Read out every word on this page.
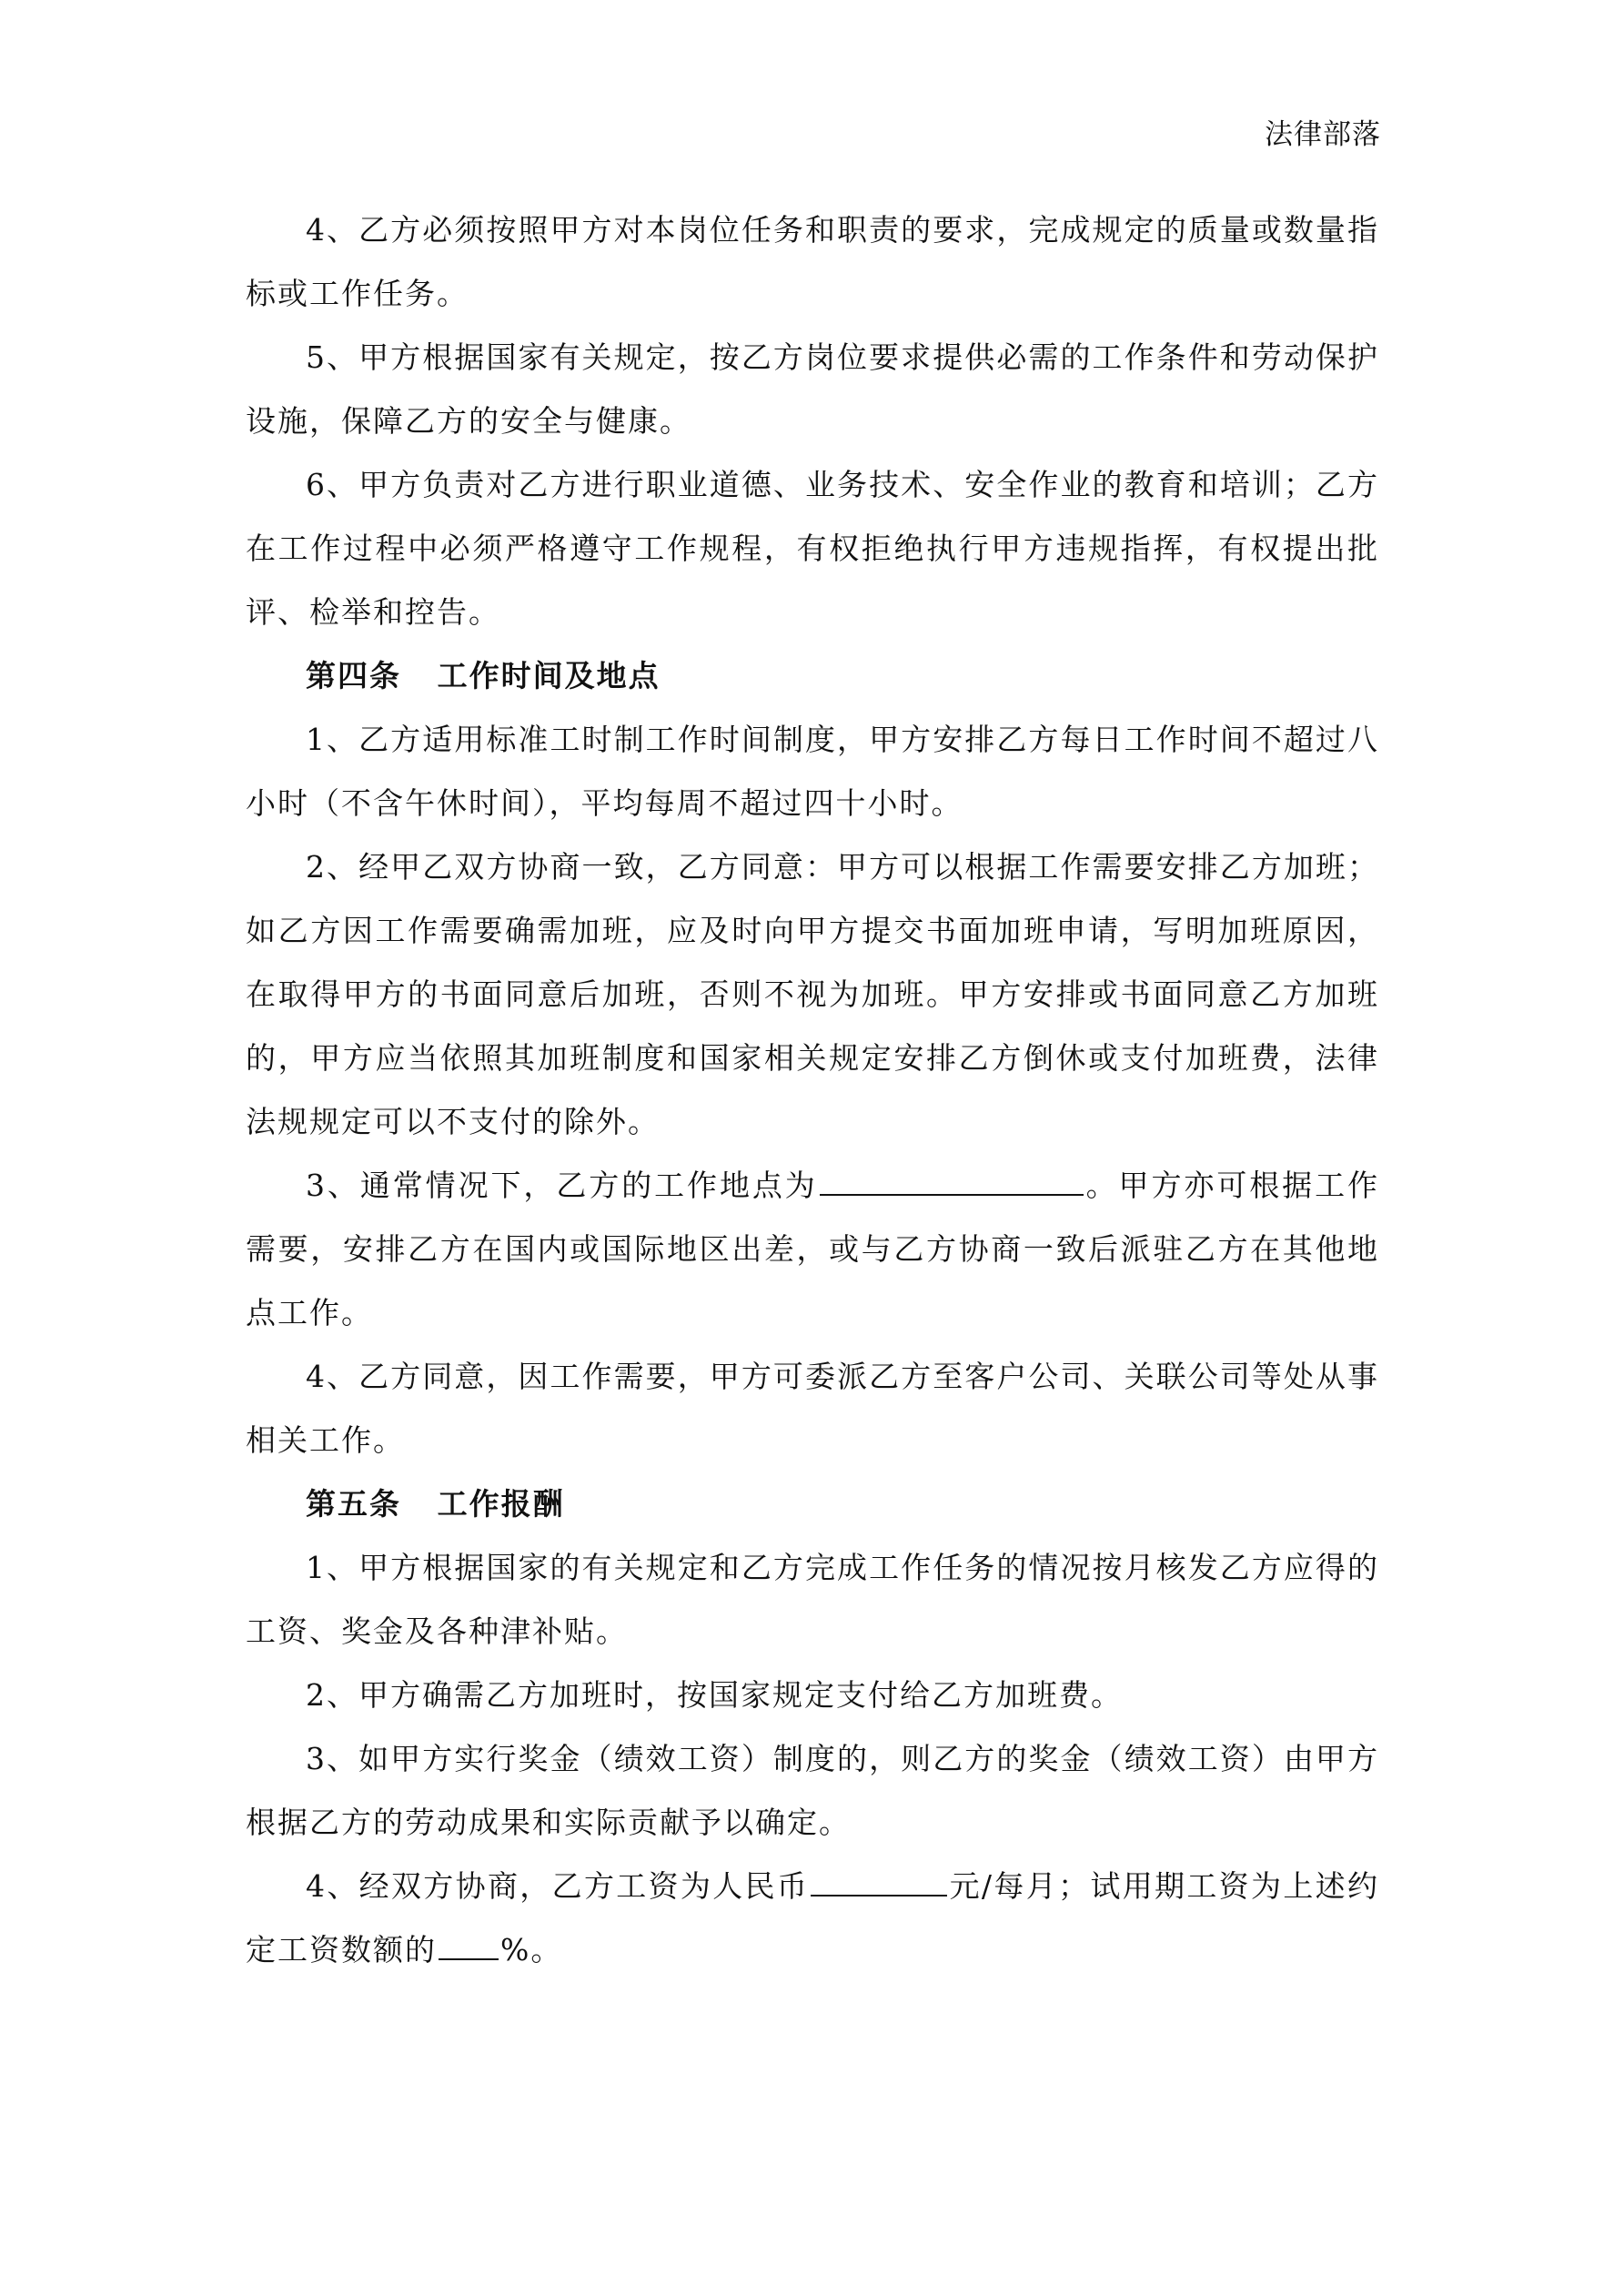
法律部落

4、乙方必须按照甲方对本岗位任务和职责的要求，完成规定的质量或数量指标或工作任务。

5、甲方根据国家有关规定，按乙方岗位要求提供必需的工作条件和劳动保护设施，保障乙方的安全与健康。

6、甲方负责对乙方进行职业道德、业务技术、安全作业的教育和培训；乙方在工作过程中必须严格遵守工作规程，有权拒绝执行甲方违规指挥，有权提出批评、检举和控告。

第四条 工作时间及地点

1、乙方适用标准工时制工作时间制度，甲方安排乙方每日工作时间不超过八小时（不含午休时间），平均每周不超过四十小时。

2、经甲乙双方协商一致，乙方同意：甲方可以根据工作需要安排乙方加班；如乙方因工作需要确需加班，应及时向甲方提交书面加班申请，写明加班原因，在取得甲方的书面同意后加班，否则不视为加班。甲方安排或书面同意乙方加班的，甲方应当依照其加班制度和国家相关规定安排乙方倒休或支付加班费，法律法规规定可以不支付的除外。

3、通常情况下，乙方的工作地点为	。甲方亦可根据工作需要，安排乙方在国内或国际地区出差，或与乙方协商一致后派驻乙方在其他地点工作。

4、乙方同意，因工作需要，甲方可委派乙方至客户公司、关联公司等处从事相关工作。

第五条 工作报酬

1、甲方根据国家的有关规定和乙方完成工作任务的情况按月核发乙方应得的工资、奖金及各种津补贴。

2、甲方确需乙方加班时，按国家规定支付给乙方加班费。

3、如甲方实行奖金（绩效工资）制度的，则乙方的奖金（绩效工资）由甲方根据乙方的劳动成果和实际贡献予以确定。

4、经双方协商，乙方工资为人民币	元/每月；试用期工资为上述约定工资数额的 %。
